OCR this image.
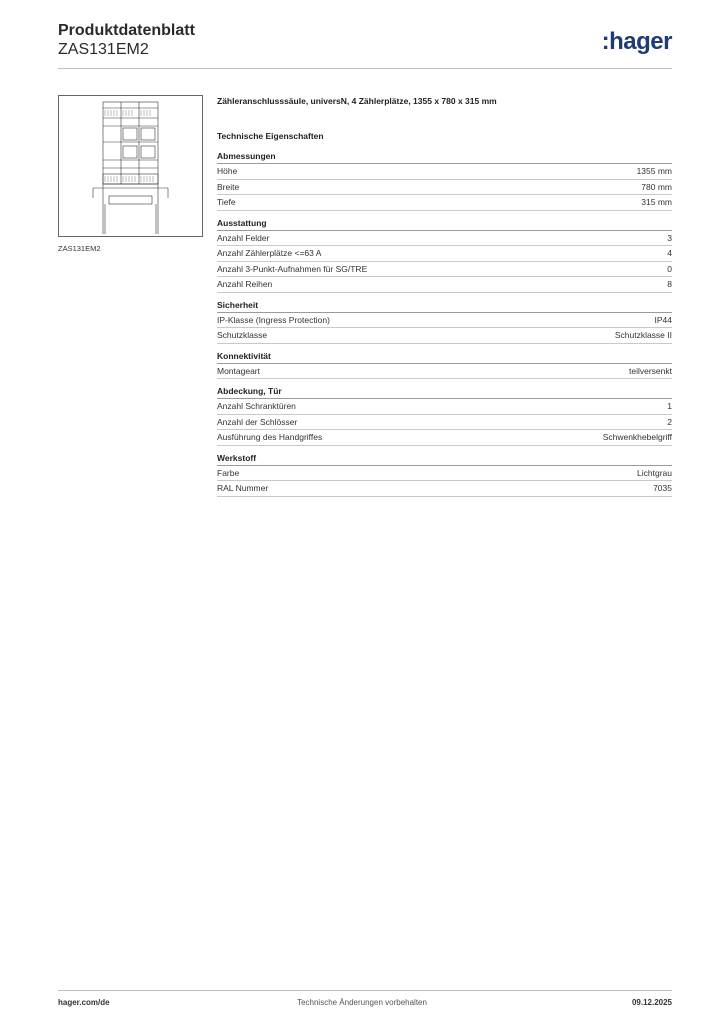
Produktdatenblatt
ZAS131EM2	:hager
ZAS131EM2
Zähleranschlusssäule, universN, 4 Zählerplätze, 1355 x 780 x 315 mm
Technische Eigenschaften
Abmessungen
Höhe	1355 mm
Breite	780 mm
Tiefe	315 mm
Ausstattung
Anzahl Felder	3
Anzahl Zählerplätze <=63 A	4
Anzahl 3-Punkt-Aufnahmen für SG/TRE	0
Anzahl Reihen	8
Sicherheit
IP-Klasse (Ingress Protection)	IP44
Schutzklasse	Schutzklasse II
Konnektivität
Montageart	teilversenkt
Abdeckung, Tür
Anzahl Schranktüren	1
Anzahl der Schlösser	2
Ausführung des Handgriffes	Schwenkhebelgriff
Werkstoff
Farbe	Lichtgrau
RAL Nummer	7035
hager.com/de	Technische Änderungen vorbehalten	09.12.2025
